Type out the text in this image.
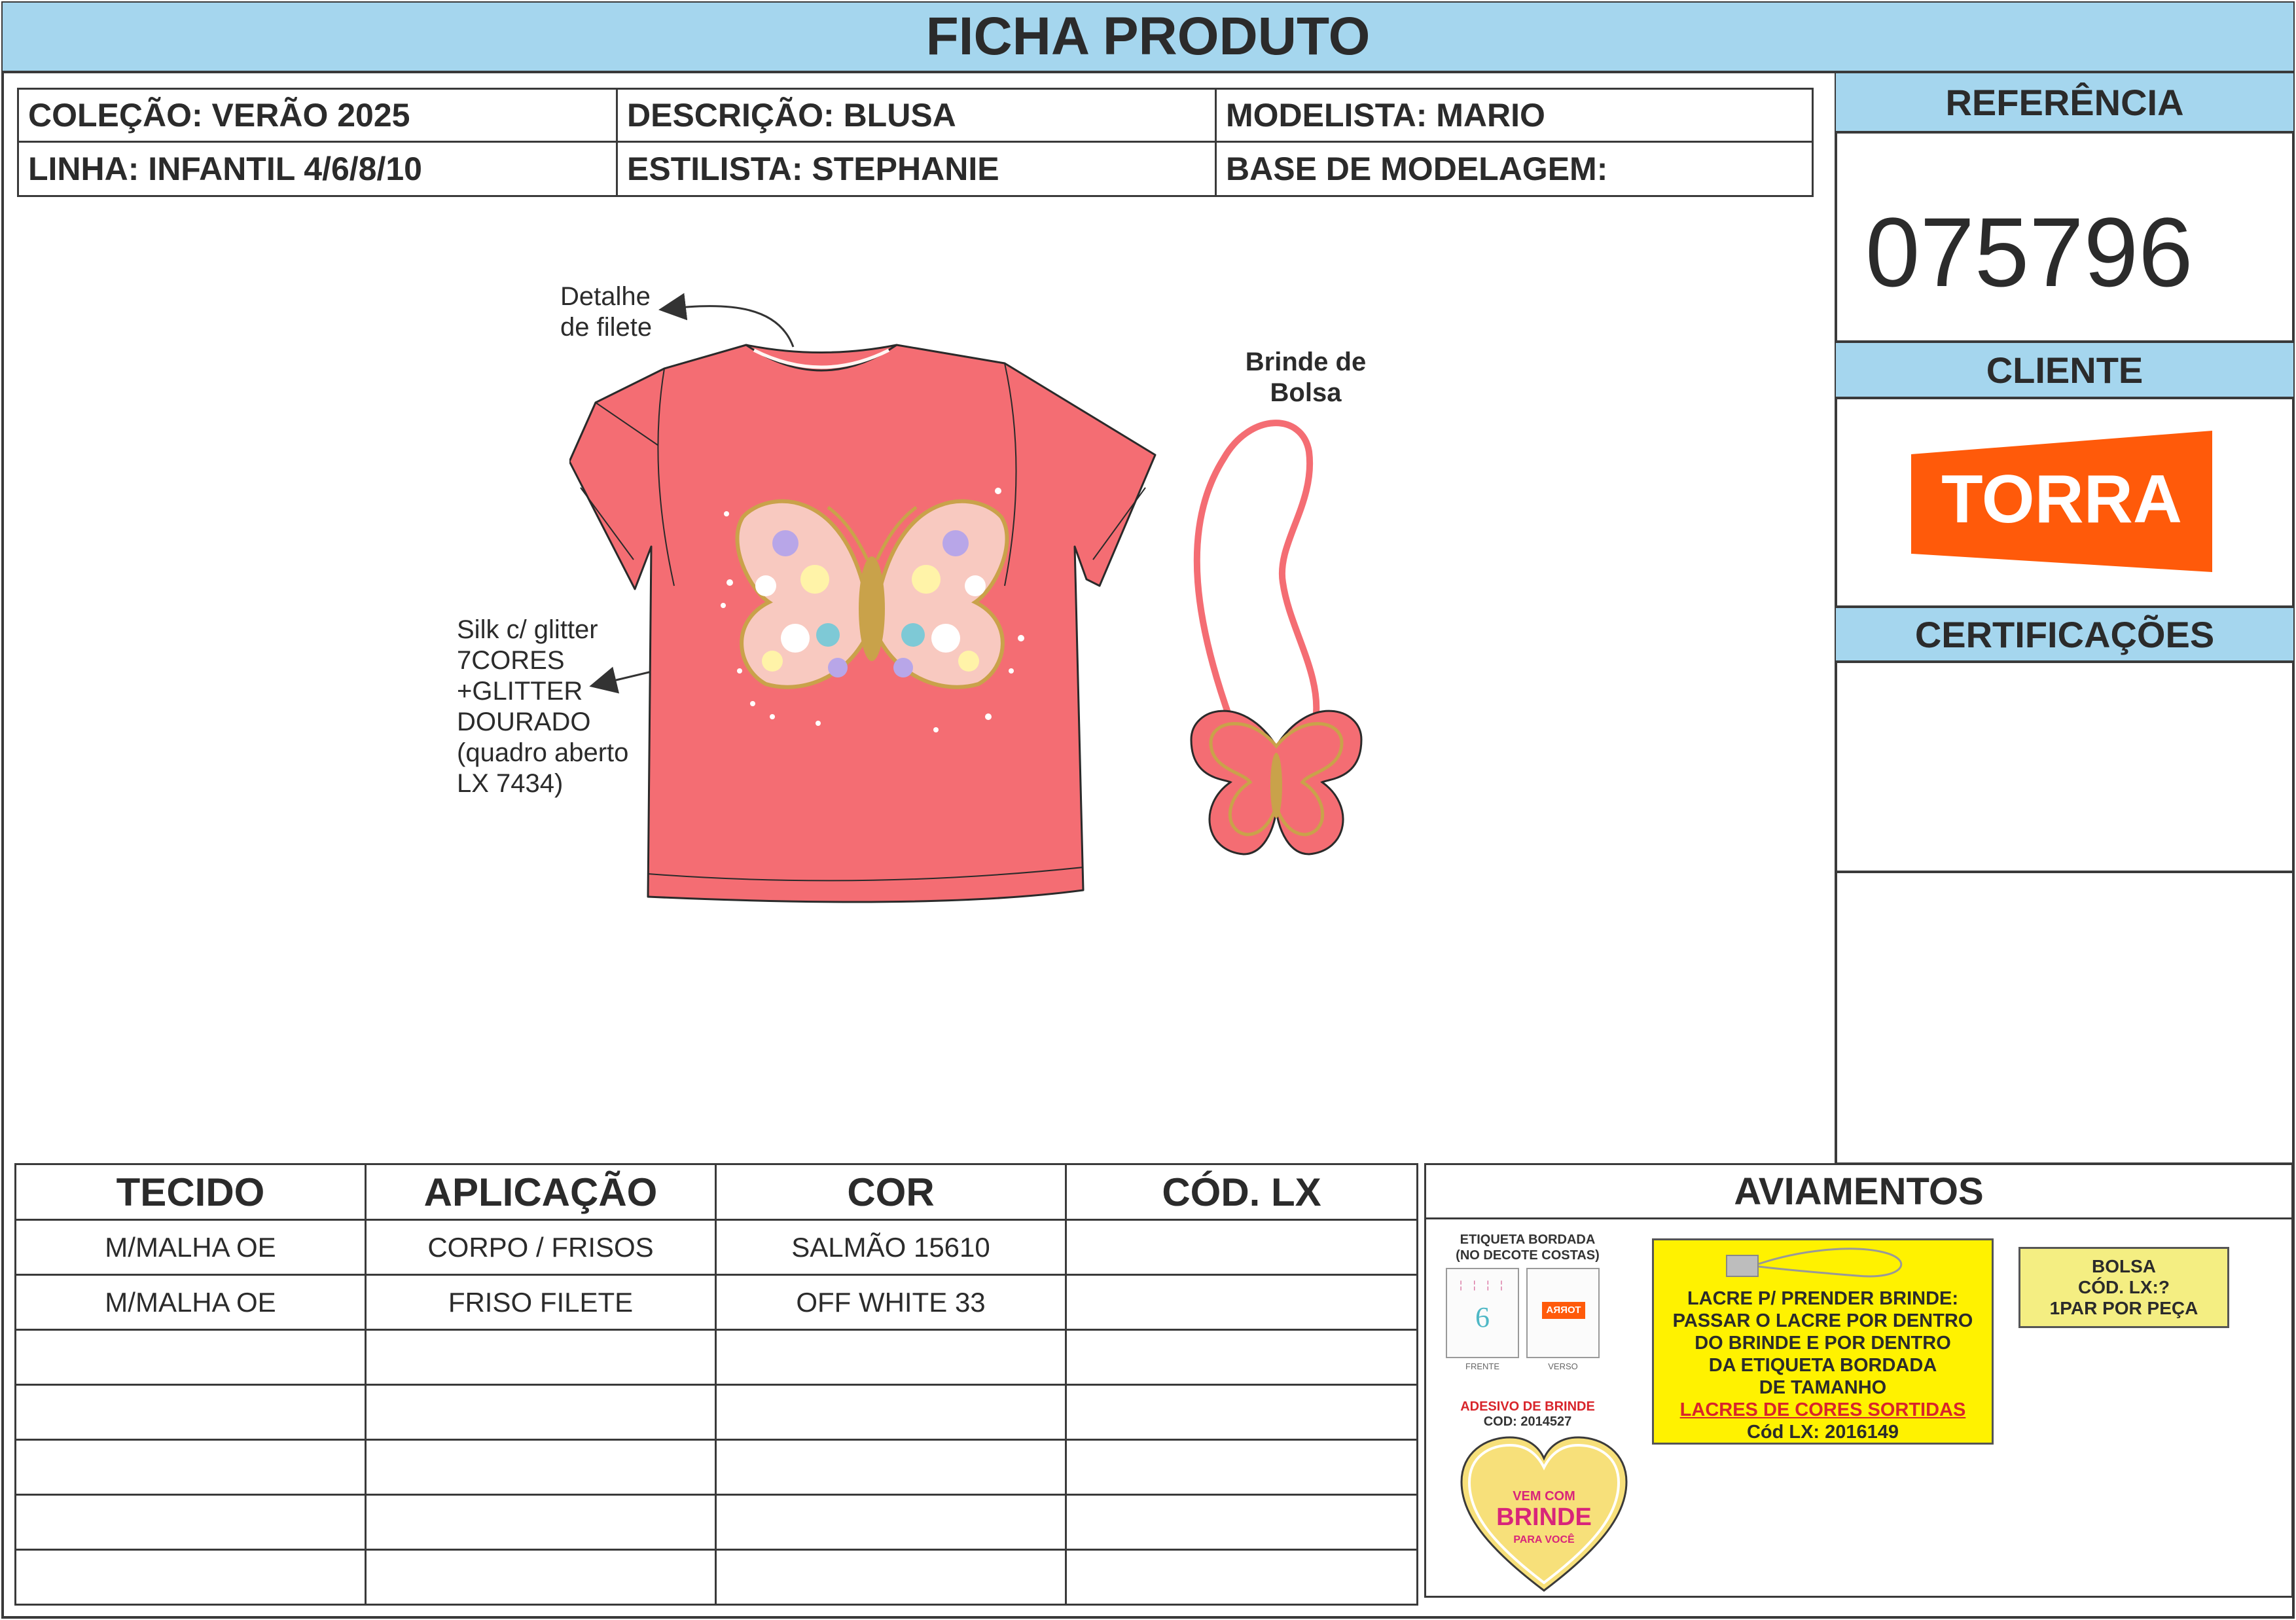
FICHA PRODUTO
COLEÇÃO: VERÃO 2025	DESCRIÇÃO: BLUSA	MODELISTA: MARIO
LINHA: INFANTIL 4/6/8/10	ESTILISTA: STEPHANIE	BASE DE MODELAGEM:
REFERÊNCIA
075796
CLIENTE
TORRA
CERTIFICAÇÕES
Detalhe
de filete
Brinde de
Bolsa
Silk c/ glitter
7CORES
+GLITTER
DOURADO
(quadro aberto
LX 7434)
TECIDO	APLICAÇÃO	COR	CÓD. LX
M/MALHA OE	CORPO / FRISOS	SALMÃO 15610	
M/MALHA OE	FRISO FILETE	OFF WHITE 33	

AVIAMENTOS
ETIQUETA BORDADA
(NO DECOTE COSTAS)
¦ ¦ ¦ ¦
6	TORRA
FRENTE	VERSO
ADESIVO DE BRINDE
COD: 2014527
VEM COM
BRINDE
PARA VOCÊ
LACRE P/ PRENDER BRINDE:
PASSAR O LACRE POR DENTRO
DO BRINDE E POR DENTRO
DA ETIQUETA BORDADA
DE TAMANHO
LACRES DE CORES SORTIDAS
Cód LX: 2016149
BOLSA
CÓD. LX:?
1PAR POR PEÇA
